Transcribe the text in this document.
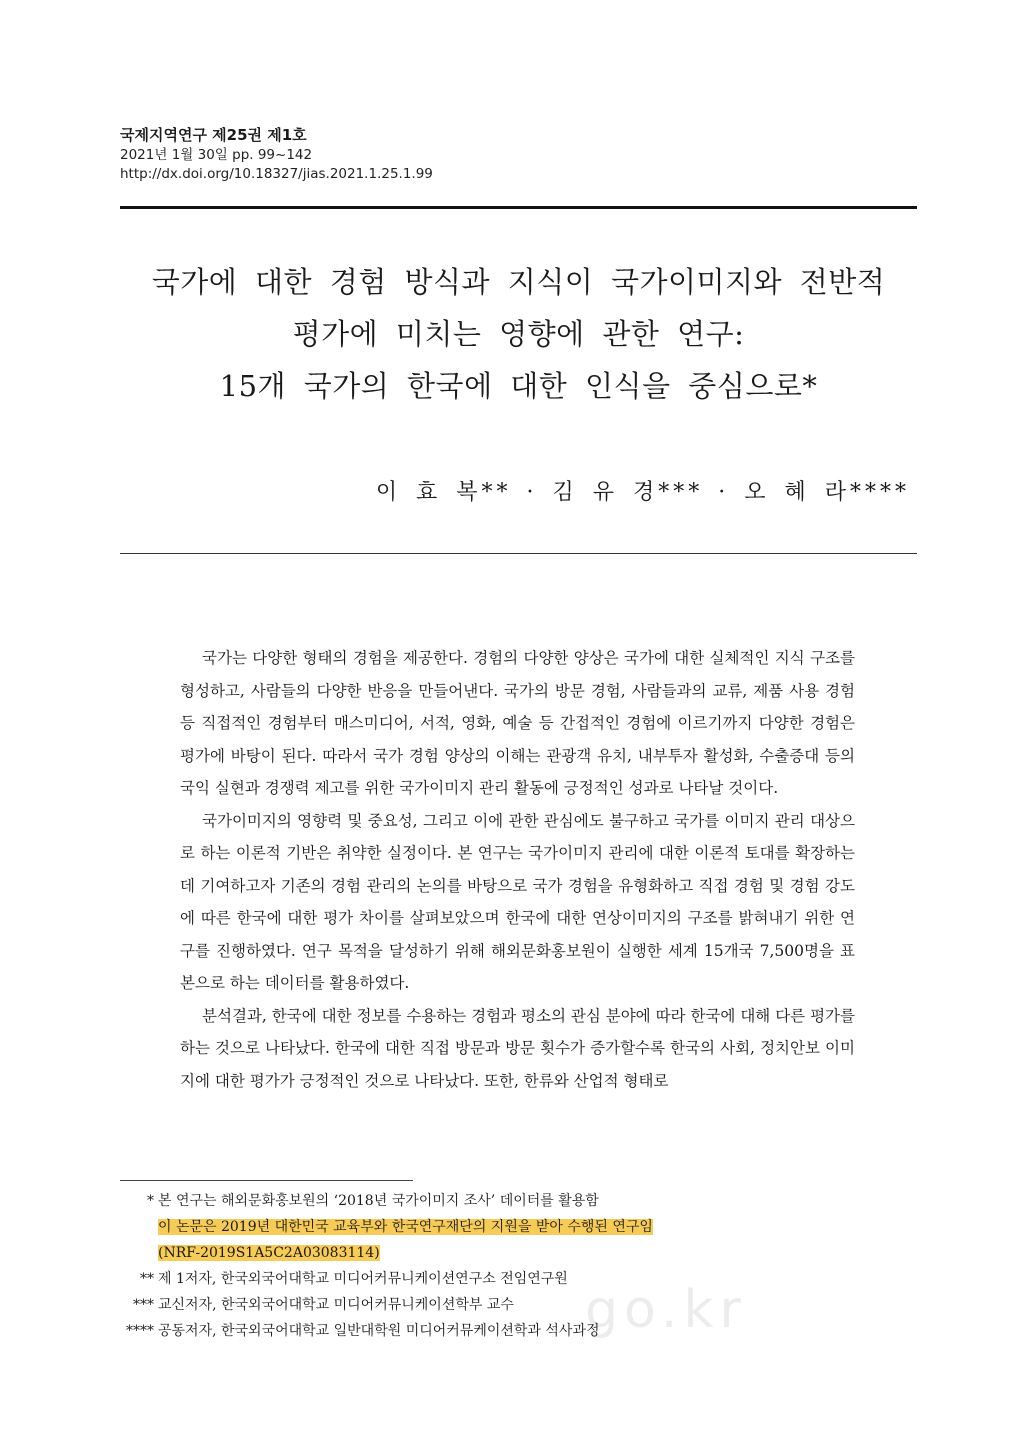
국제지역연구 제25권 제1호
2021년 1월 30일 pp. 99~142
http://dx.doi.org/10.18327/jias.2021.1.25.1.99
국가에 대한 경험 방식과 지식이 국가이미지와 전반적
평가에 미치는 영향에 관한 연구:
15개 국가의 한국에 대한 인식을 중심으로*
이 효 복** · 김 유 경*** · 오 혜 라****

국가는 다양한 형태의 경험을 제공한다. 경험의 다양한 양상은 국가에 대한 실체적인 지식 구조를 형성하고, 사람들의 다양한 반응을 만들어낸다. 국가의 방문 경험, 사람들과의 교류, 제품 사용 경험 등 직접적인 경험부터 매스미디어, 서적, 영화, 예술 등 간접적인 경험에 이르기까지 다양한 경험은 평가에 바탕이 된다. 따라서 국가 경험 양상의 이해는 관광객 유치, 내부투자 활성화, 수출증대 등의 국익 실현과 경쟁력 제고를 위한 국가이미지 관리 활동에 긍정적인 성과로 나타날 것이다.

국가이미지의 영향력 및 중요성, 그리고 이에 관한 관심에도 불구하고 국가를 이미지 관리 대상으로 하는 이론적 기반은 취약한 실정이다. 본 연구는 국가이미지 관리에 대한 이론적 토대를 확장하는 데 기여하고자 기존의 경험 관리의 논의를 바탕으로 국가 경험을 유형화하고 직접 경험 및 경험 강도에 따른 한국에 대한 평가 차이를 살펴보았으며 한국에 대한 연상이미지의 구조를 밝혀내기 위한 연구를 진행하였다. 연구 목적을 달성하기 위해 해외문화홍보원이 실행한 세계 15개국 7,500명을 표본으로 하는 데이터를 활용하였다.

분석결과, 한국에 대한 정보를 수용하는 경험과 평소의 관심 분야에 따라 한국에 대해 다른 평가를 하는 것으로 나타났다. 한국에 대한 직접 방문과 방문 횟수가 증가할수록 한국의 사회, 정치안보 이미지에 대한 평가가 긍정적인 것으로 나타났다. 또한, 한류와 산업적 형태로

* 본 연구는 해외문화홍보원의 ‘2018년 국가이미지 조사’ 데이터를 활용함
이 논문은 2019년 대한민국 교육부와 한국연구재단의 지원을 받아 수행된 연구임
(NRF-2019S1A5C2A03083114)
** 제 1저자, 한국외국어대학교 미디어커뮤니케이션연구소 전임연구원
*** 교신저자, 한국외국어대학교 미디어커뮤니케이션학부 교수
**** 공동저자, 한국외국어대학교 일반대학원 미디어커뮤케이션학과 석사과정
go.kr
